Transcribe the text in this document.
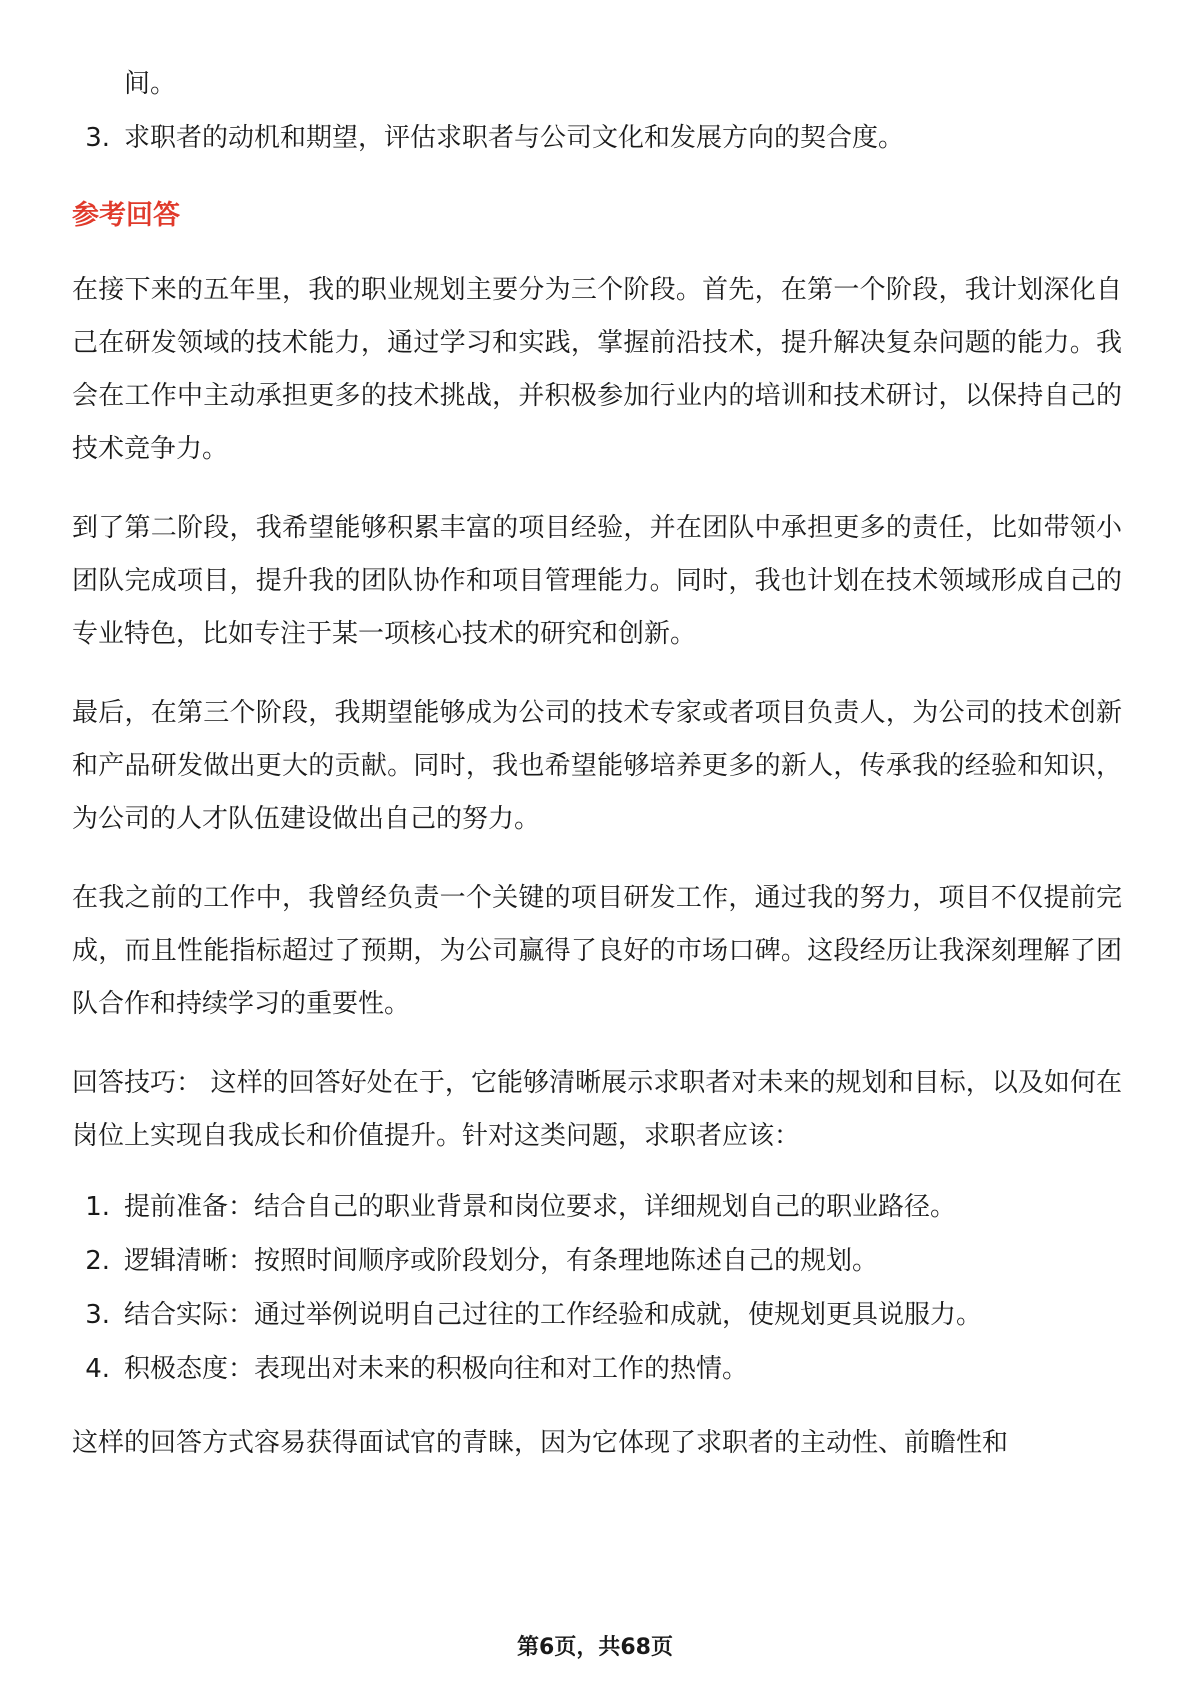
间。
3. 求职者的动机和期望，评估求职者与公司文化和发展方向的契合度。
参考回答

在接下来的五年里，我的职业规划主要分为三个阶段。首先，在第一个阶段，我计划深化自己在研发领域的技术能力，通过学习和实践，掌握前沿技术，提升解决复杂问题的能力。我会在工作中主动承担更多的技术挑战，并积极参加行业内的培训和技术研讨，以保持自己的技术竞争力。

到了第二阶段，我希望能够积累丰富的项目经验，并在团队中承担更多的责任，比如带领小团队完成项目，提升我的团队协作和项目管理能力。同时，我也计划在技术领域形成自己的专业特色，比如专注于某一项核心技术的研究和创新。

最后，在第三个阶段，我期望能够成为公司的技术专家或者项目负责人，为公司的技术创新和产品研发做出更大的贡献。同时，我也希望能够培养更多的新人，传承我的经验和知识，为公司的人才队伍建设做出自己的努力。

在我之前的工作中，我曾经负责一个关键的项目研发工作，通过我的努力，项目不仅提前完成，而且性能指标超过了预期，为公司赢得了良好的市场口碑。这段经历让我深刻理解了团队合作和持续学习的重要性。

回答技巧： 这样的回答好处在于，它能够清晰展示求职者对未来的规划和目标，以及如何在岗位上实现自我成长和价值提升。针对这类问题，求职者应该：

1. 提前准备：结合自己的职业背景和岗位要求，详细规划自己的职业路径。
2. 逻辑清晰：按照时间顺序或阶段划分，有条理地陈述自己的规划。
3. 结合实际：通过举例说明自己过往的工作经验和成就，使规划更具说服力。
4. 积极态度：表现出对未来的积极向往和对工作的热情。

这样的回答方式容易获得面试官的青睐，因为它体现了求职者的主动性、前瞻性和

第6页，共68页
